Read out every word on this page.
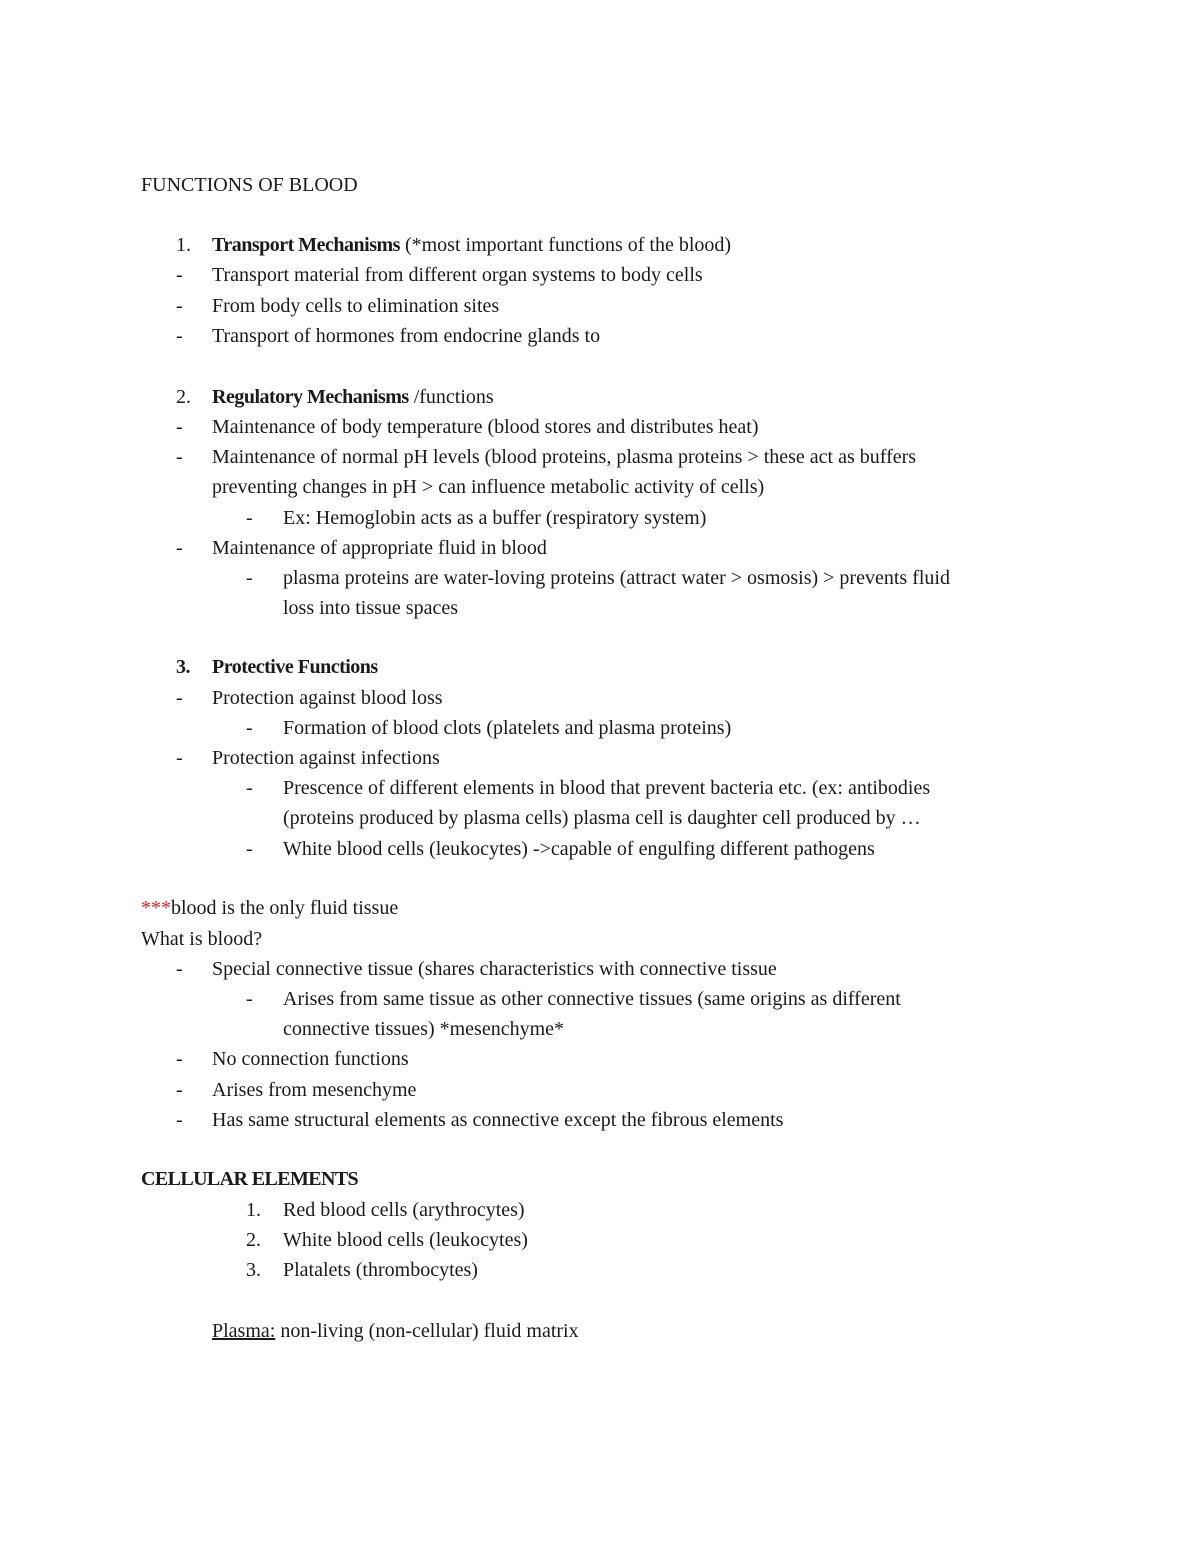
FUNCTIONS OF BLOOD
1. Transport Mechanisms (*most important functions of the blood)
- Transport material from different organ systems to body cells
- From body cells to elimination sites
- Transport of hormones from endocrine glands to
2. Regulatory Mechanisms /functions
- Maintenance of body temperature (blood stores and distributes heat)
- Maintenance of normal pH levels (blood proteins, plasma proteins > these act as buffers
preventing changes in pH > can influence metabolic activity of cells)
- Ex: Hemoglobin acts as a buffer (respiratory system)
- Maintenance of appropriate fluid in blood
- plasma proteins are water-loving proteins (attract water > osmosis) > prevents fluid
loss into tissue spaces
3. Protective Functions
- Protection against blood loss
- Formation of blood clots (platelets and plasma proteins)
- Protection against infections
- Prescence of different elements in blood that prevent bacteria etc. (ex: antibodies
(proteins produced by plasma cells) plasma cell is daughter cell produced by …
- White blood cells (leukocytes) ->capable of engulfing different pathogens
***blood is the only fluid tissue
What is blood?
- Special connective tissue (shares characteristics with connective tissue
- Arises from same tissue as other connective tissues (same origins as different
connective tissues) *mesenchyme*
- No connection functions
- Arises from mesenchyme
- Has same structural elements as connective except the fibrous elements
CELLULAR ELEMENTS
1. Red blood cells (arythrocytes)
2. White blood cells (leukocytes)
3. Platalets (thrombocytes)
Plasma: non-living (non-cellular) fluid matrix
